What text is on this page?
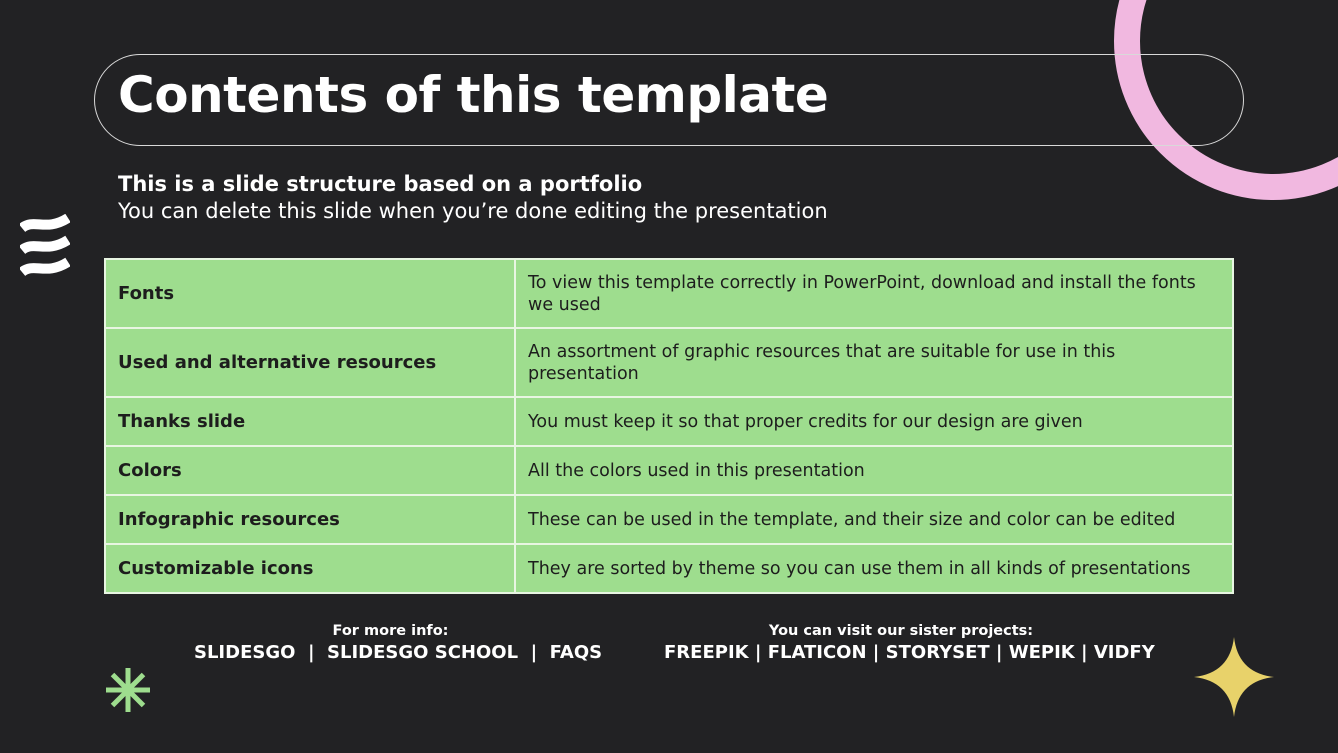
Contents of this template
This is a slide structure based on a portfolio
You can delete this slide when you’re done editing the presentation
Fonts	To view this template correctly in PowerPoint, download and install the fonts we used
Used and alternative resources	An assortment of graphic resources that are suitable for use in this presentation
Thanks slide	You must keep it so that proper credits for our design are given
Colors	All the colors used in this presentation
Infographic resources	These can be used in the template, and their size and color can be edited
Customizable icons	They are sorted by theme so you can use them in all kinds of presentations
For more info:
SLIDESGO  |  SLIDESGO SCHOOL  |  FAQS
You can visit our sister projects:
FREEPIK | FLATICON | STORYSET | WEPIK | VIDFY
